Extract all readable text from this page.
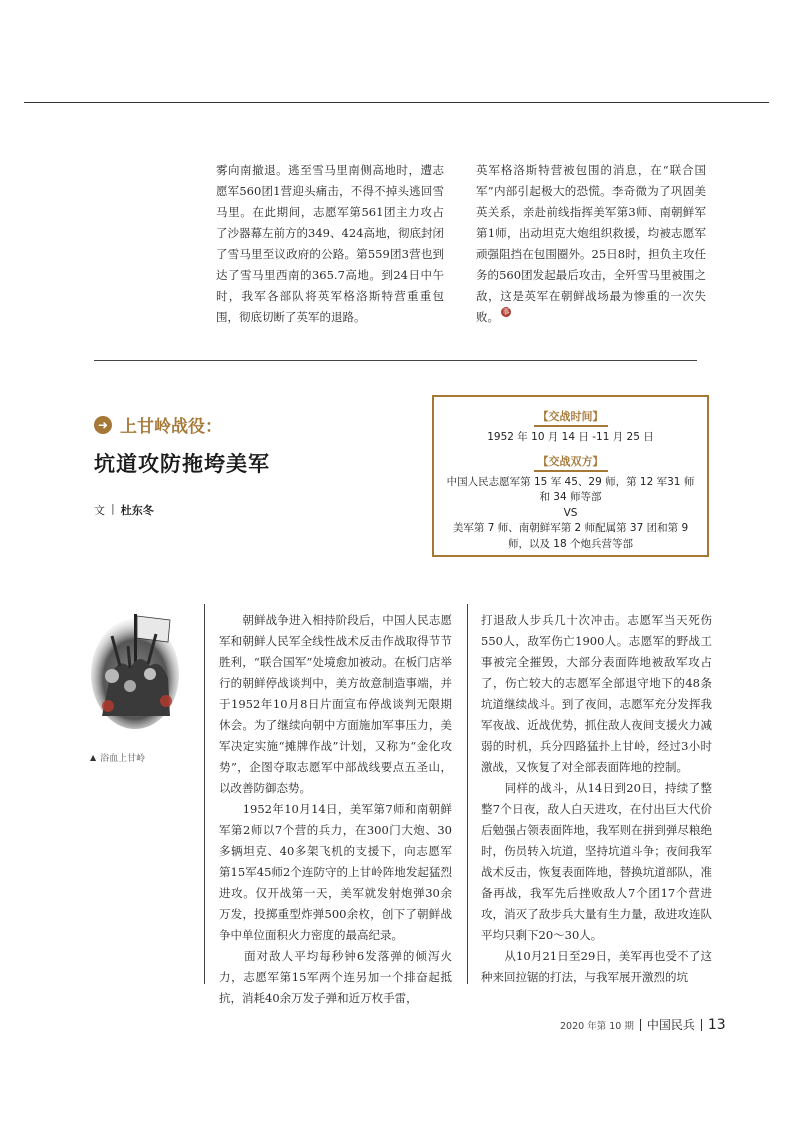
雾向南撤退。逃至雪马里南侧高地时，遭志愿军560团1营迎头痛击，不得不掉头逃回雪马里。在此期间，志愿军第561团主力攻占了沙器幕左前方的349、424高地，彻底封闭了雪马里至议政府的公路。第559团3营也到达了雪马里西南的365.7高地。到24日中午时，我军各部队将英军格洛斯特营重重包围，彻底切断了英军的退路。

英军格洛斯特营被包围的消息，在“联合国军”内部引起极大的恐慌。李奇微为了巩固美英关系，亲赴前线指挥美军第3师、南朝鲜军第1师，出动坦克大炮组织救援，均被志愿军顽强阻挡在包围圈外。25日8时，担负主攻任务的560团发起最后攻击，全歼雪马里被围之敌，这是英军在朝鲜战场最为惨重的一次失败。 事

➜ 上甘岭战役：
坑道攻防拖垮美军
文 | 杜东冬
【交战时间】
1952 年 10 月 14 日 -11 月 25 日
【交战双方】
中国人民志愿军第 15 军 45、29 师，第 12 军31 师和 34 师等部
VS
美军第 7 师、南朝鲜军第 2 师配属第 37 团和第 9 师，以及 18 个炮兵营等部
▲ 浴血上甘岭

　　朝鲜战争进入相持阶段后，中国人民志愿军和朝鲜人民军全线性战术反击作战取得节节胜利，“联合国军”处境愈加被动。在板门店举行的朝鲜停战谈判中，美方故意制造事端，并于1952年10月8日片面宣布停战谈判无限期休会。为了继续向朝中方面施加军事压力，美军决定实施“摊牌作战”计划，又称为“金化攻势”，企图夺取志愿军中部战线要点五圣山，以改善防御态势。
　　1952年10月14日，美军第7师和南朝鲜军第2师以7个营的兵力，在300门大炮、30多辆坦克、40多架飞机的支援下，向志愿军第15军45师2个连防守的上甘岭阵地发起猛烈进攻。仅开战第一天，美军就发射炮弹30余万发，投掷重型炸弹500余枚，创下了朝鲜战争中单位面积火力密度的最高纪录。
　　面对敌人平均每秒钟6发落弹的倾泻火力，志愿军第15军两个连另加一个排奋起抵抗，消耗40余万发子弹和近万枚手雷，

打退敌人步兵几十次冲击。志愿军当天死伤550人，敌军伤亡1900人。志愿军的野战工事被完全摧毁，大部分表面阵地被敌军攻占了，伤亡较大的志愿军全部退守地下的48条坑道继续战斗。到了夜间，志愿军充分发挥我军夜战、近战优势，抓住敌人夜间支援火力减弱的时机，兵分四路猛扑上甘岭，经过3小时激战，又恢复了对全部表面阵地的控制。
　　同样的战斗，从14日到20日，持续了整整7个日夜，敌人白天进攻，在付出巨大代价后勉强占领表面阵地，我军则在拼到弹尽粮绝时，伤员转入坑道，坚持坑道斗争；夜间我军战术反击，恢复表面阵地，替换坑道部队，准备再战，我军先后挫败敌人7个团17个营进攻，消灭了敌步兵大量有生力量，敌进攻连队平均只剩下20～30人。
　　从10月21日至29日，美军再也受不了这种来回拉锯的打法，与我军展开激烈的坑

2020 年第 10 期 中国民兵 13
